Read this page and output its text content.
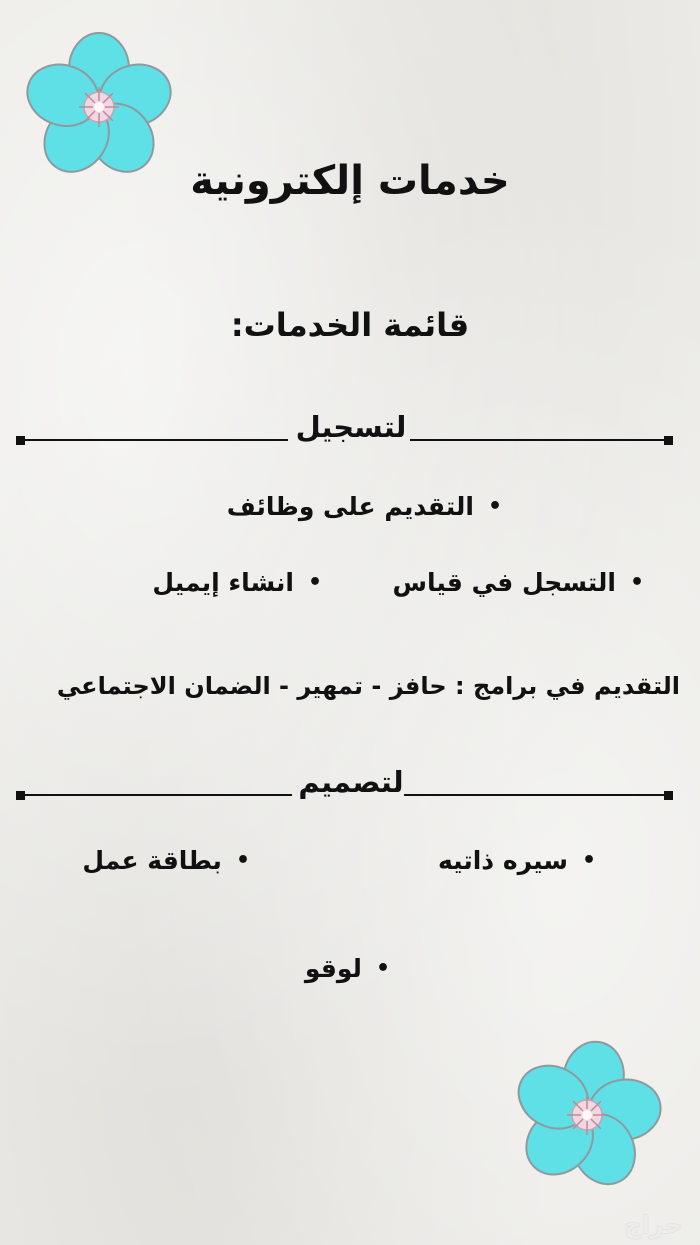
خدمات إلكترونية
قائمة الخدمات:
لتسجيل
•التقديم على وظائف
•التسجل في قياس
•انشاء إيميل
التقديم في برامج : حافز - تمهير - الضمان الاجتماعي
لتصميم
•سيره ذاتيه
•بطاقة عمل
•لوقو
حراج
